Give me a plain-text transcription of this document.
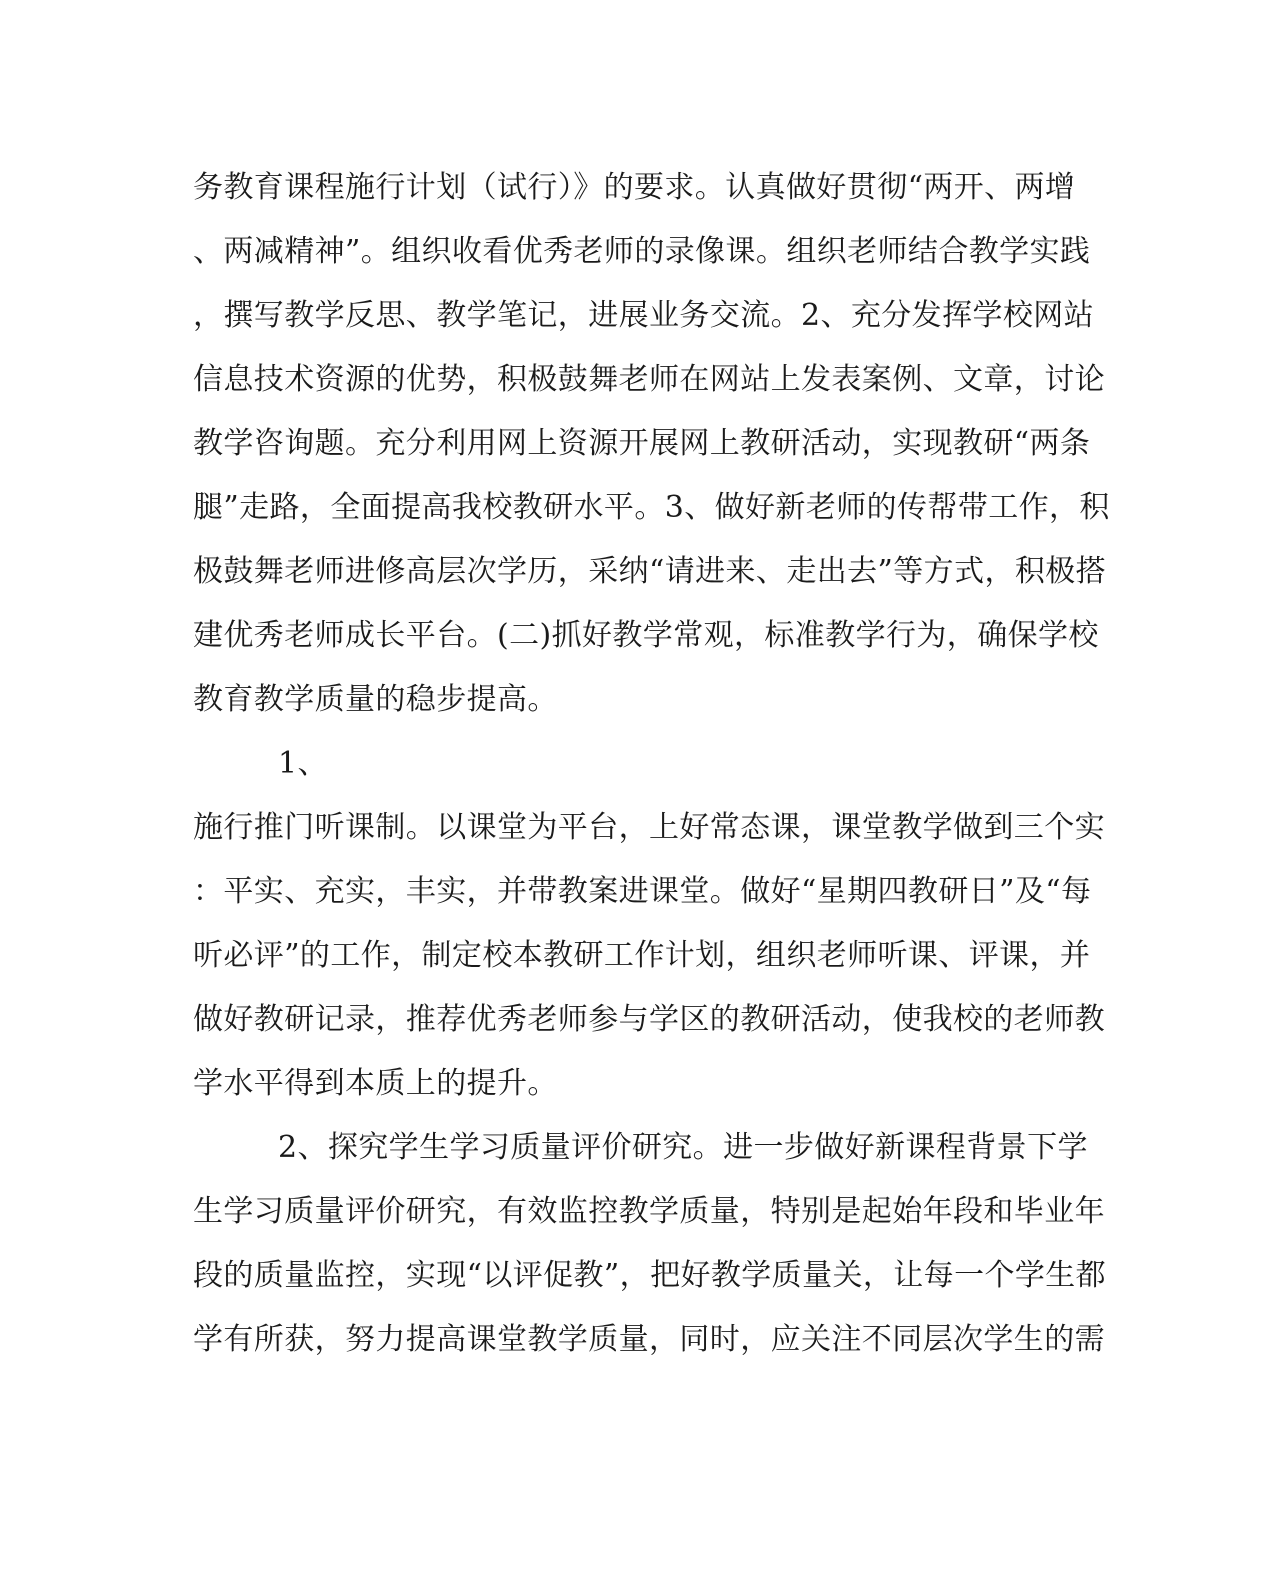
务教育课程施行计划（试行）》的要求。认真做好贯彻“两开、两增
、两减精神”。组织收看优秀老师的录像课。组织老师结合教学实践
，撰写教学反思、教学笔记，进展业务交流。2、充分发挥学校网站
信息技术资源的优势，积极鼓舞老师在网站上发表案例、文章，讨论
教学咨询题。充分利用网上资源开展网上教研活动，实现教研“两条
腿”走路，全面提高我校教研水平。3、做好新老师的传帮带工作，积
极鼓舞老师进修高层次学历，采纳“请进来、走出去”等方式，积极搭
建优秀老师成长平台。(二)抓好教学常观，标准教学行为，确保学校
教育教学质量的稳步提高。
1、
施行推门听课制。以课堂为平台，上好常态课，课堂教学做到三个实
：平实、充实，丰实，并带教案进课堂。做好“星期四教研日”及“每
听必评”的工作，制定校本教研工作计划，组织老师听课、评课，并
做好教研记录，推荐优秀老师参与学区的教研活动，使我校的老师教
学水平得到本质上的提升。
2、探究学生学习质量评价研究。进一步做好新课程背景下学
生学习质量评价研究，有效监控教学质量，特别是起始年段和毕业年
段的质量监控，实现“以评促教”，把好教学质量关，让每一个学生都
学有所获，努力提高课堂教学质量，同时，应关注不同层次学生的需
